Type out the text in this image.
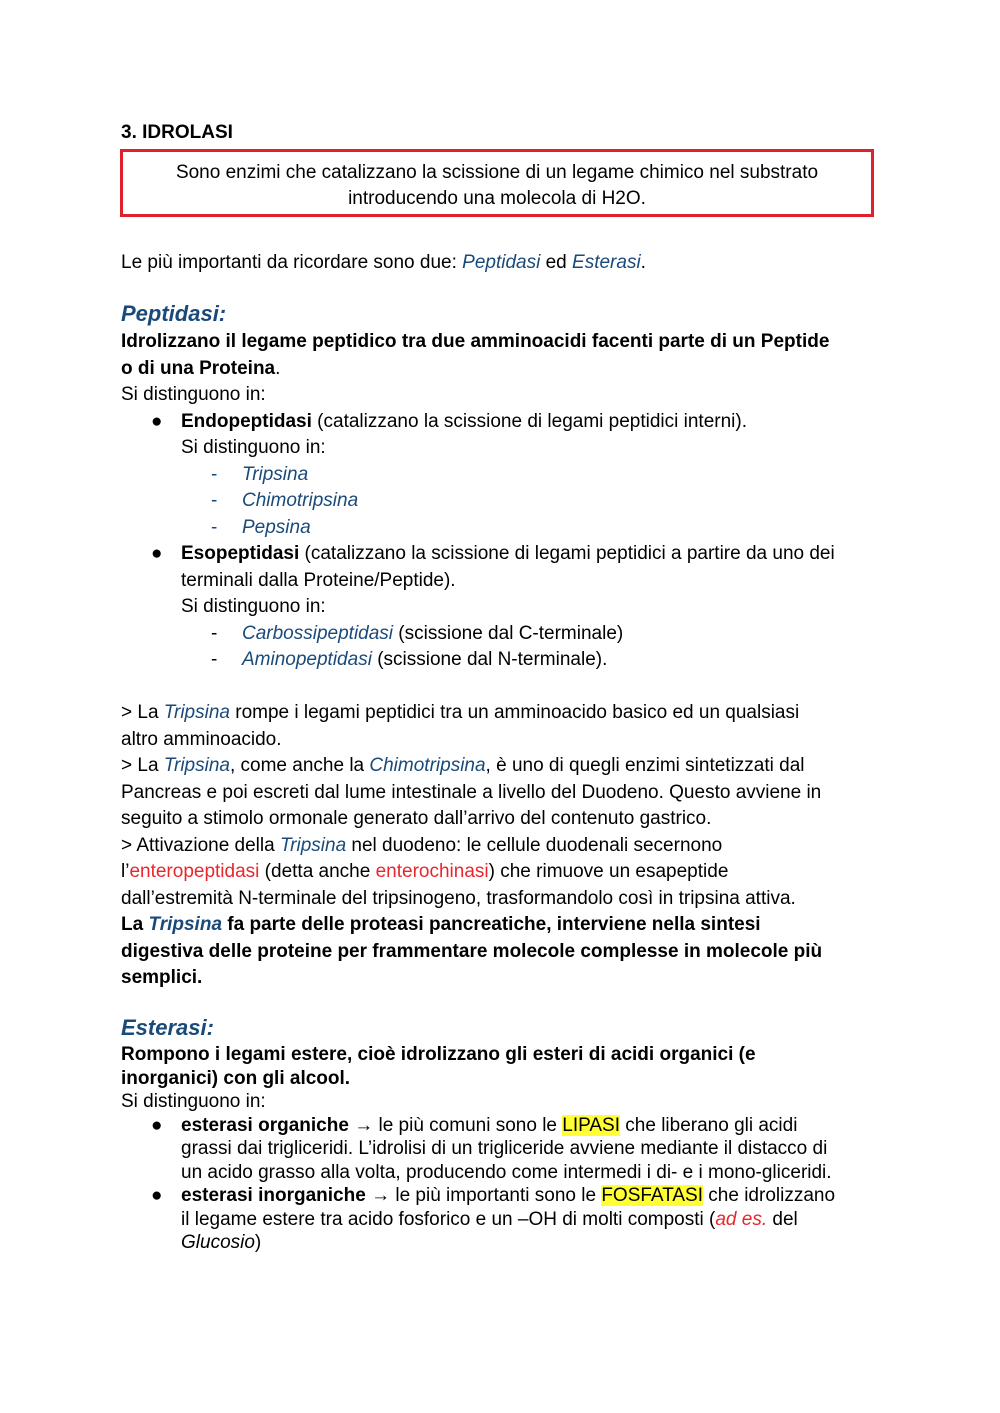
3. IDROLASI

Sono enzimi che catalizzano la scissione di un legame chimico nel substrato

introducendo una molecola di H2O.

Le più importanti da ricordare sono due: Peptidasi ed Esterasi.

Peptidasi:

Idrolizzano il legame peptidico tra due amminoacidi facenti parte di un Peptide

o di una Proteina.

Si distinguono in:

● Endopeptidasi (catalizzano la scissione di legami peptidici interni).

Si distinguono in:

- Tripsina
- Chimotripsina
- Pepsina
● Esopeptidasi (catalizzano la scissione di legami peptidici a partire da uno dei

terminali dalla Proteine/Peptide).

Si distinguono in:

- Carbossipeptidasi (scissione dal C-terminale)
- Aminopeptidasi (scissione dal N-terminale).

> La Tripsina rompe i legami peptidici tra un amminoacido basico ed un qualsiasi

altro amminoacido.

> La Tripsina, come anche la Chimotripsina, è uno di quegli enzimi sintetizzati dal

Pancreas e poi escreti dal lume intestinale a livello del Duodeno. Questo avviene in

seguito a stimolo ormonale generato dall’arrivo del contenuto gastrico.

> Attivazione della Tripsina nel duodeno: le cellule duodenali secernono

l’enteropeptidasi (detta anche enterochinasi) che rimuove un esapeptide

dall’estremità N-terminale del tripsinogeno, trasformandolo così in tripsina attiva.

La Tripsina fa parte delle proteasi pancreatiche, interviene nella sintesi

digestiva delle proteine per frammentare molecole complesse in molecole più

semplici.

Esterasi:

Rompono i legami estere, cioè idrolizzano gli esteri di acidi organici (e

inorganici) con gli alcool.

Si distinguono in:

● esterasi organiche → le più comuni sono le LIPASI che liberano gli acidi

grassi dai trigliceridi. L’idrolisi di un trigliceride avviene mediante il distacco di

un acido grasso alla volta, producendo come intermedi i di- e i mono-gliceridi.

● esterasi inorganiche → le più importanti sono le FOSFATASI che idrolizzano

il legame estere tra acido fosforico e un –OH di molti composti (ad es. del

Glucosio)
